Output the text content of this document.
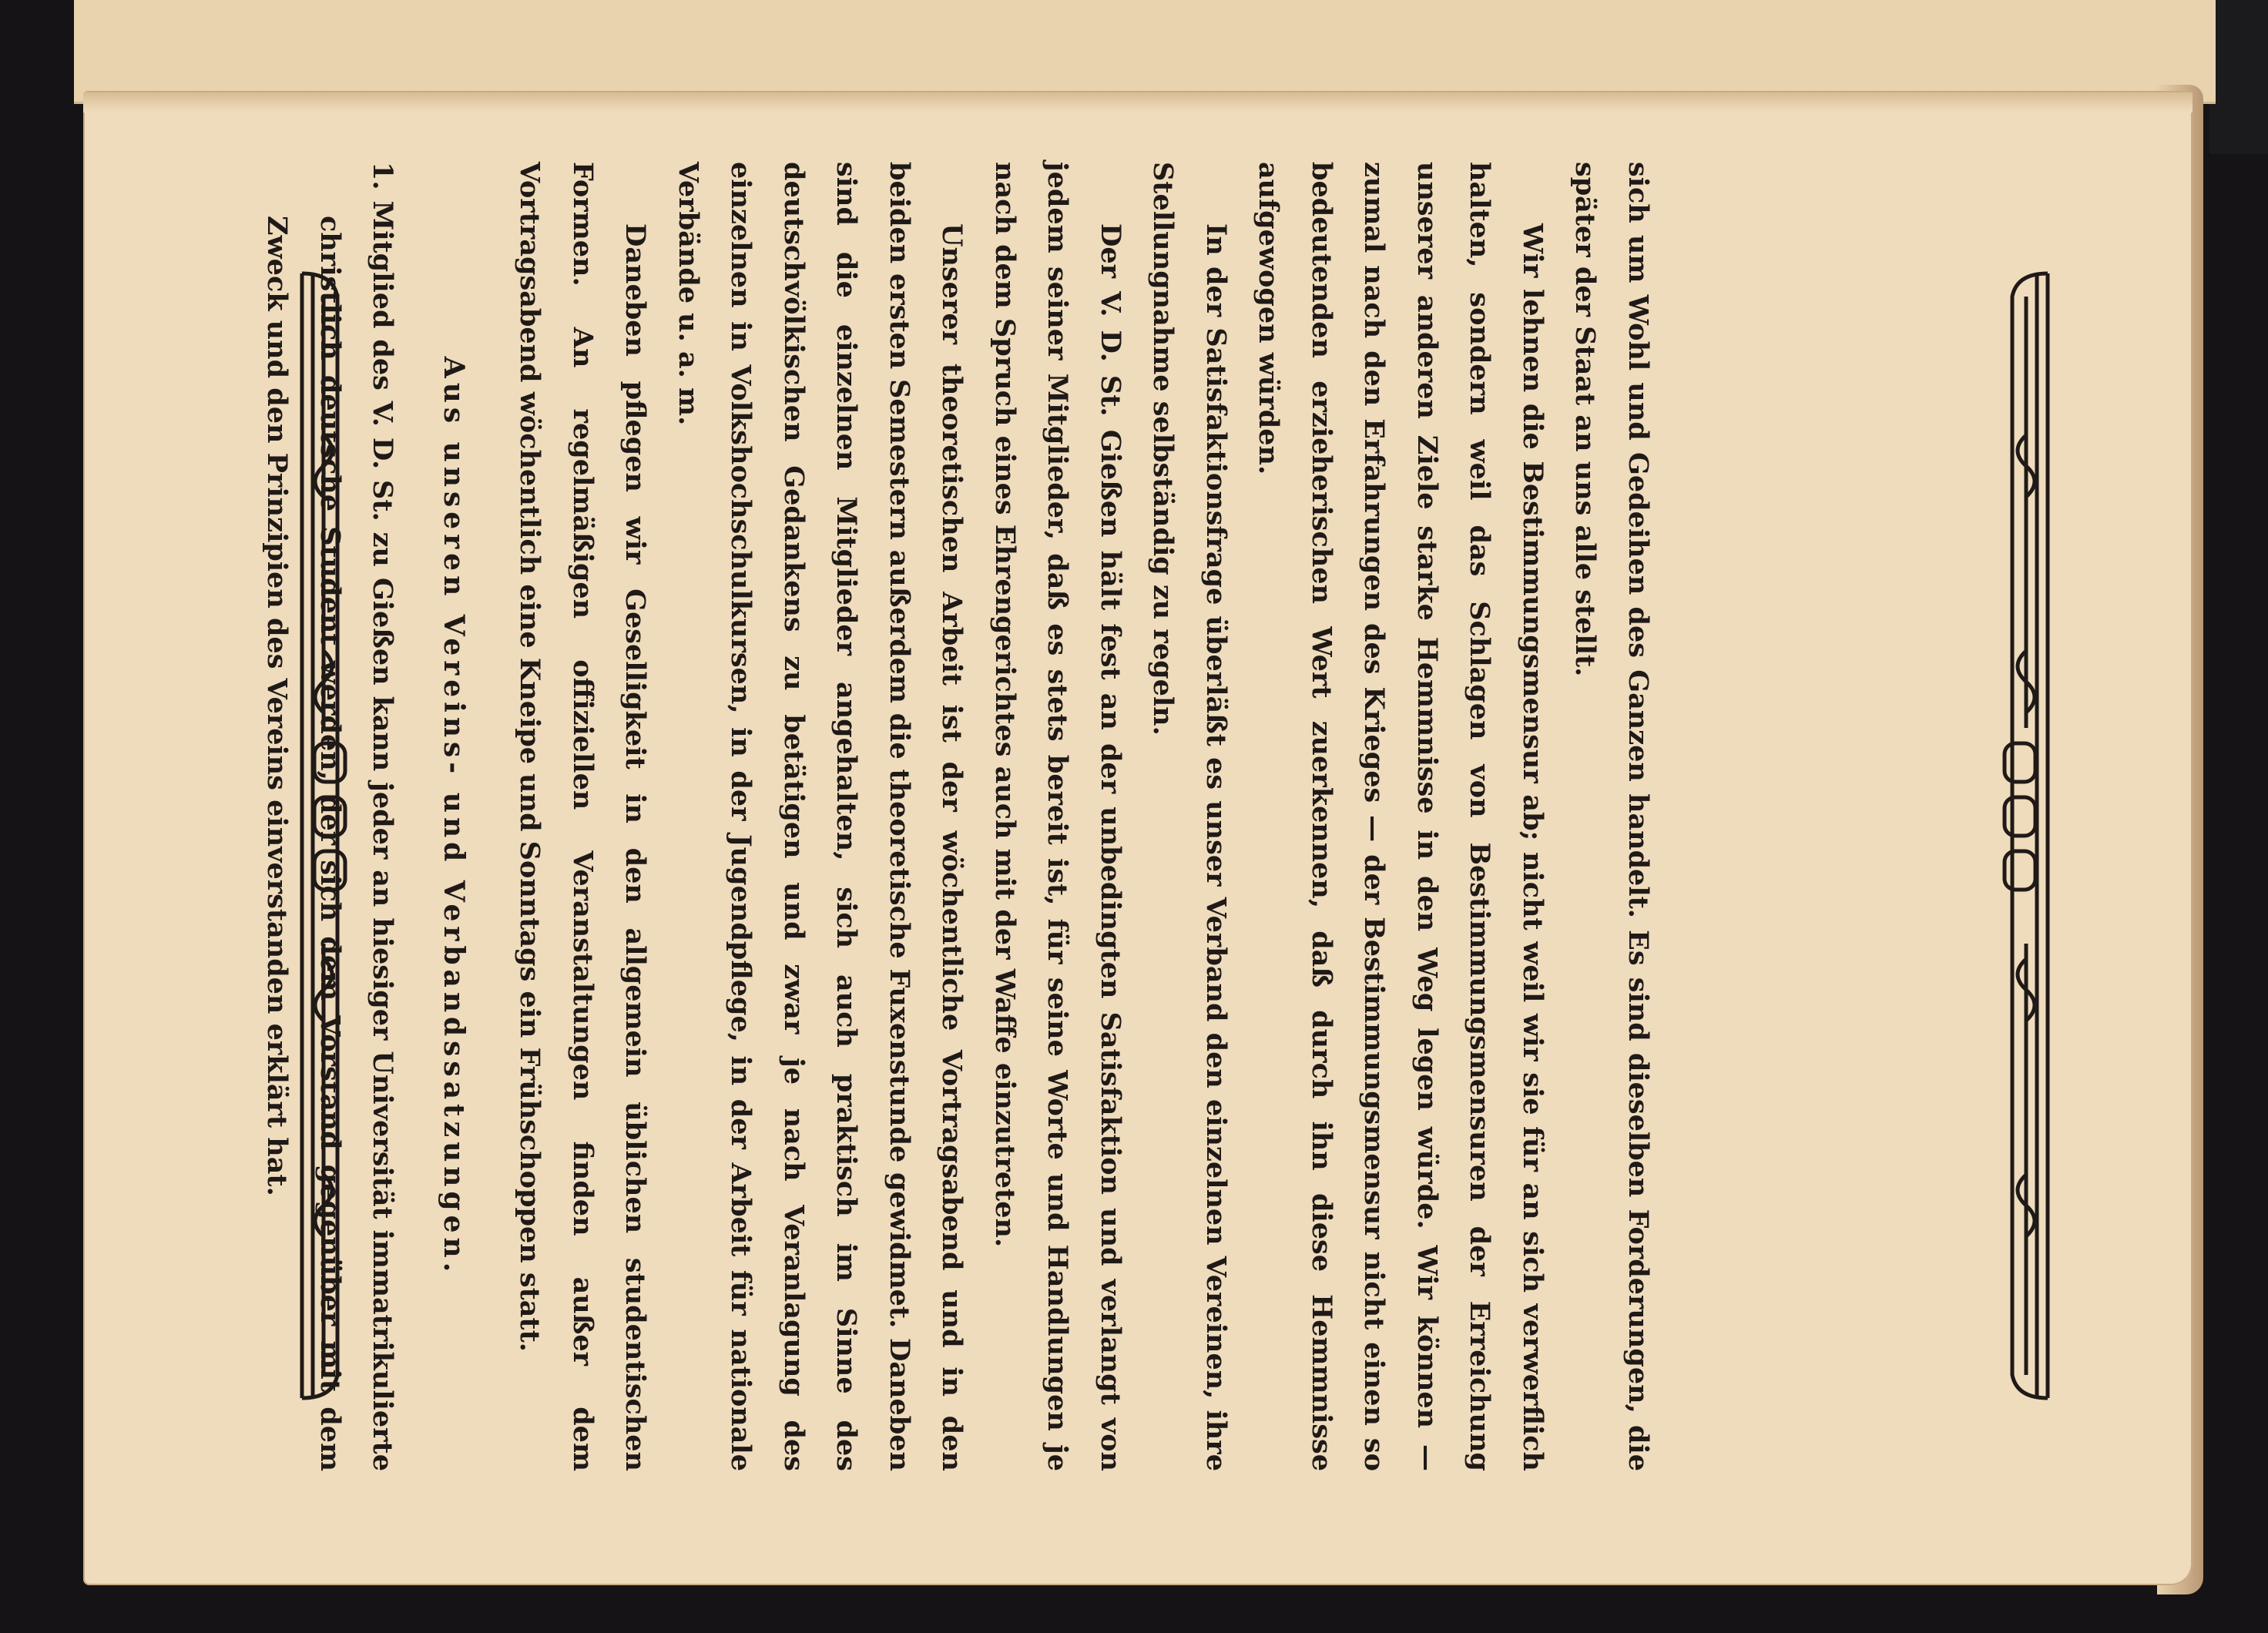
sich um Wohl und Gedeihen des Ganzen handelt. Es sind dieselben Forderungen, die später der Staat an uns alle stellt.

Wir lehnen die Bestimmungsmensur ab; nicht weil wir sie für an sich verwerflich halten, sondern weil das Schlagen von Bestimmungsmensuren der Erreichung unserer anderen Ziele starke Hemmnisse in den Weg legen würde. Wir können — zumal nach den Erfahrungen des Krieges — der Bestimmungsmensur nicht einen so bedeutenden erzieherischen Wert zuerkennen, daß durch ihn diese Hemmnisse aufgewogen würden.

In der Satisfaktionsfrage überläßt es unser Verband den einzelnen Vereinen, ihre Stellungnahme selbständig zu regeln.

Der V. D. St. Gießen hält fest an der unbedingten Satisfaktion und verlangt von jedem seiner Mitglieder, daß es stets bereit ist, für seine Worte und Handlungen je nach dem Spruch eines Ehrengerichtes auch mit der Waffe einzutreten.

Unserer theoretischen Arbeit ist der wöchentliche Vortragsabend und in den beiden ersten Semestern außerdem die theoretische Fuxenstunde gewidmet. Daneben sind die einzelnen Mitglieder angehalten, sich auch praktisch im Sinne des deutschvölkischen Gedankens zu betätigen und zwar je nach Veranlagung des einzelnen in Volkshochschulkursen, in der Jugendpflege, in der Arbeit für nationale Verbände u. a. m.

Daneben pflegen wir Geselligkeit in den allgemein üblichen studentischen Formen. An regelmäßigen offiziellen Veranstaltungen finden außer dem Vortragsabend wöchentlich eine Kneipe und Sonntags ein Frühschoppen statt.

Aus unseren Vereins- und Verbandssatzungen.

1. Mitglied des V. D. St. zu Gießen kann jeder an hiesiger Universität immatrikulierte christlich deutsche Student werden, der sich dem Vorstand gegenüber mit dem Zweck und den Prinzipien des Vereins einverstanden erklärt hat.
